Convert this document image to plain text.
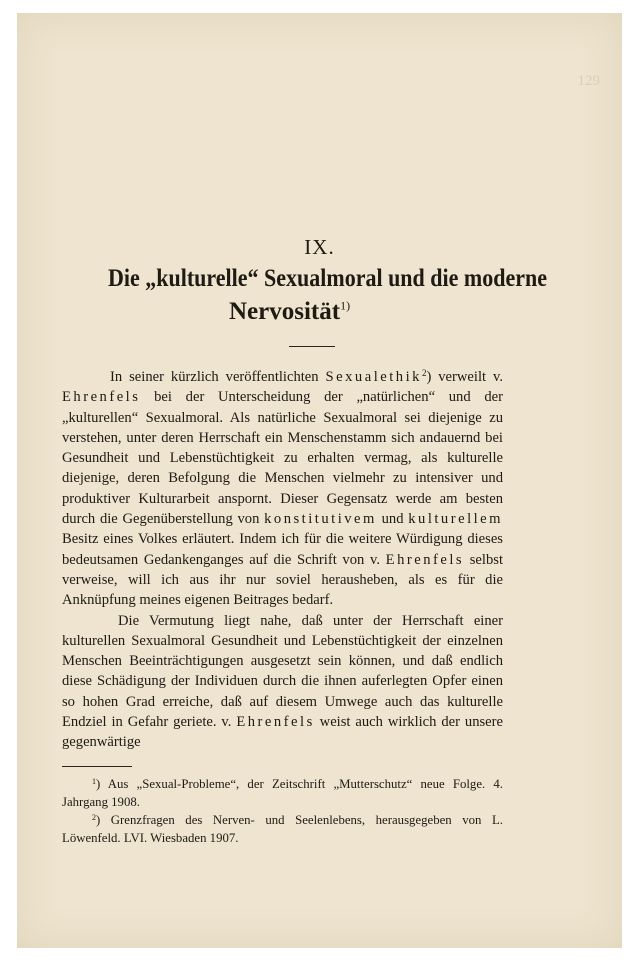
129
IX.
Die „kulturelle“ Sexualmoral und die moderne
Nervosität$^{1)}$

In seiner kürzlich veröffentlichten Sexualethik$^2$) verweilt v. Ehrenfels bei der Unterscheidung der „natürlichen“ und der „kulturellen“ Sexualmoral. Als natürliche Sexualmoral sei diejenige zu verstehen, unter deren Herrschaft ein Menschenstamm sich andauernd bei Gesundheit und Lebenstüchtigkeit zu erhalten vermag, als kulturelle diejenige, deren Befolgung die Menschen vielmehr zu intensiver und produktiver Kulturarbeit anspornt. Dieser Gegensatz werde am besten durch die Gegenüberstellung von konstitutivem und kulturellem Besitz eines Volkes erläutert. Indem ich für die weitere Würdigung dieses bedeutsamen Gedankenganges auf die Schrift von v. Ehrenfels selbst verweise, will ich aus ihr nur soviel herausheben, als es für die Anknüpfung meines eigenen Beitrages bedarf.

Die Vermutung liegt nahe, daß unter der Herrschaft einer kulturellen Sexualmoral Gesundheit und Lebenstüchtigkeit der einzelnen Menschen Beeinträchtigungen ausgesetzt sein können, und daß endlich diese Schädigung der Individuen durch die ihnen auferlegten Opfer einen so hohen Grad erreiche, daß auf diesem Umwege auch das kulturelle Endziel in Gefahr geriete. v. Ehrenfels weist auch wirklich der unsere gegenwärtige

$^1$) Aus „Sexual-Probleme“, der Zeitschrift „Mutterschutz“ neue Folge. 4. Jahrgang 1908.

$^2$) Grenzfragen des Nerven- und Seelenlebens, herausgegeben von L. Löwenfeld. LVI. Wiesbaden 1907.
